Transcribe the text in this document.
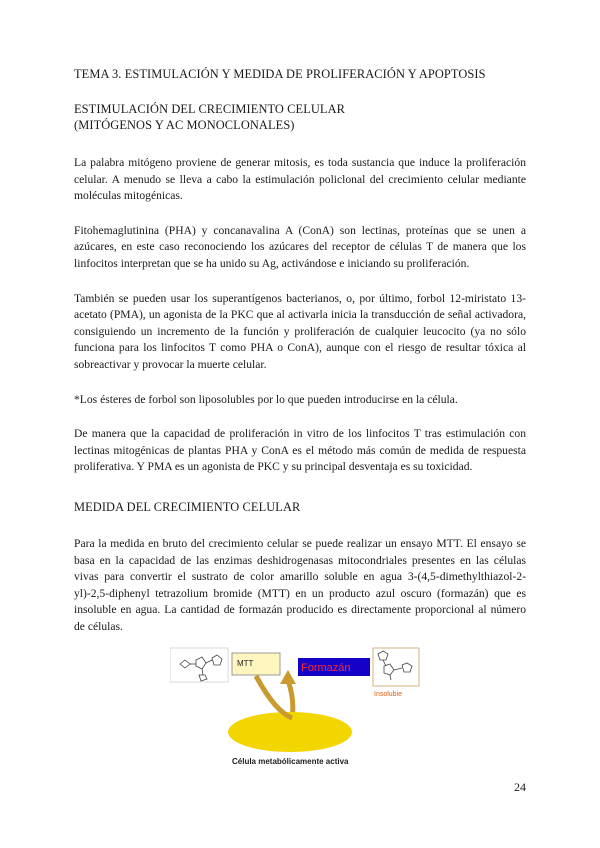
TEMA 3. ESTIMULACIÓN Y MEDIDA DE PROLIFERACIÓN Y APOPTOSIS

ESTIMULACIÓN DEL CRECIMIENTO CELULAR

(MITÓGENOS Y AC MONOCLONALES)

La palabra mitógeno proviene de generar mitosis, es toda sustancia que induce la proliferación celular. A menudo se lleva a cabo la estimulación policlonal del crecimiento celular mediante moléculas mitogénicas.

Fitohemaglutinina (PHA) y concanavalina A (ConA) son lectinas, proteínas que se unen a azúcares, en este caso reconociendo los azúcares del receptor de células T de manera que los linfocitos interpretan que se ha unido su Ag, activándose e iniciando su proliferación.

También se pueden usar los superantígenos bacterianos, o, por último, forbol 12-miristato 13-acetato (PMA), un agonista de la PKC que al activarla inicia la transducción de señal activadora, consiguiendo un incremento de la función y proliferación de cualquier leucocito (ya no sólo funciona para los linfocitos T como PHA o ConA), aunque con el riesgo de resultar tóxica al sobreactivar y provocar la muerte celular.

*Los ésteres de forbol son liposolubles por lo que pueden introducirse en la célula.

De manera que la capacidad de proliferación in vitro de los linfocitos T tras estimulación con lectinas mitogénicas de plantas PHA y ConA es el método más común de medida de respuesta proliferativa. Y PMA es un agonista de PKC y su principal desventaja es su toxicidad.

MEDIDA DEL CRECIMIENTO CELULAR

Para la medida en bruto del crecimiento celular se puede realizar un ensayo MTT. El ensayo se basa en la capacidad de las enzimas deshidrogenasas mitocondriales presentes en las células vivas para convertir el sustrato de color amarillo soluble en agua 3-(4,5-dimethylthiazol-2-yl)-2,5-diphenyl tetrazolium bromide (MTT) en un producto azul oscuro (formazán) que es insoluble en agua. La cantidad de formazán producido es directamente proporcional al número de células.

MTT	Formazán
Insolubie
Célula metabólicamente activa
24
